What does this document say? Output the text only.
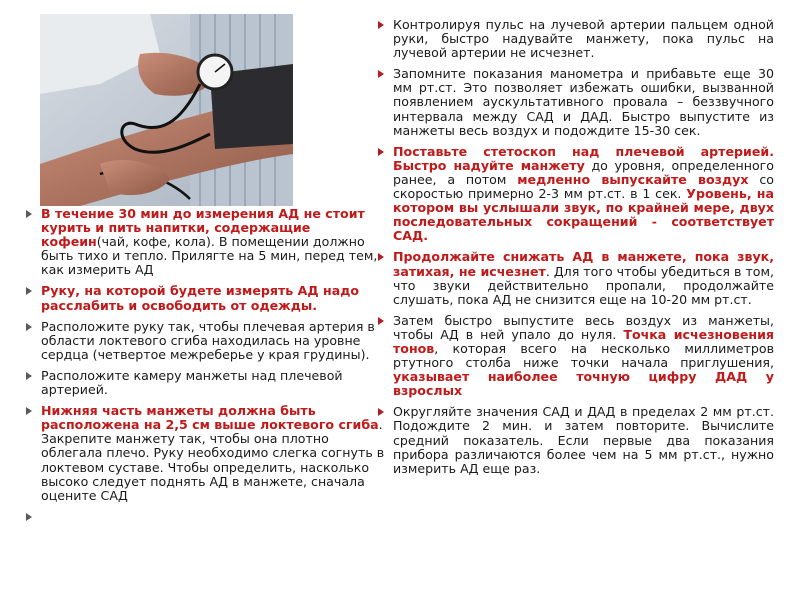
В течение 30 мин до измерения АД не стоит курить и пить напитки, содержащие кофеин(чай, кофе, кола). В помещении должно быть тихо и тепло. Прилягте на 5 мин, перед тем, как измерить АД
Руку, на которой будете измерять АД надо расслабить и освободить от одежды.
Расположите руку так, чтобы плечевая артерия в области локтевого сгиба находилась на уровне сердца (четвертое межреберье у края грудины).
Расположите камеру манжеты над плечевой артерией.
Нижняя часть манжеты должна быть расположена на 2,5 см выше локтевого сгиба. Закрепите манжету так, чтобы она плотно облегала плечо. Руку необходимо слегка согнуть в локтевом суставе. Чтобы определить, насколько высоко следует поднять АД в манжете, сначала оцените САД

Контролируя пульс на лучевой артерии пальцем одной руки, быстро надувайте манжету, пока пульс на лучевой артерии не исчезнет.
Запомните показания манометра и прибавьте еще 30 мм рт.ст. Это позволяет избежать ошибки, вызванной появлением аускультативного провала – беззвучного интервала между САД и ДАД. Быстро выпустите из манжеты весь воздух и подождите 15-30 сек.
Поставьте стетоскоп над плечевой артерией. Быстро надуйте манжету до уровня, определенного ранее, а потом медленно выпускайте воздух со скоростью примерно 2-3 мм рт.ст. в 1 сек. Уровень, на котором вы услышали звук, по крайней мере, двух последовательных сокращений - соответствует САД.
Продолжайте снижать АД в манжете, пока звук, затихая, не исчезнет. Для того чтобы убедиться в том, что звуки действительно пропали, продолжайте слушать, пока АД не снизится еще на 10-20 мм рт.ст.
Затем быстро выпустите весь воздух из манжеты, чтобы АД в ней упало до нуля. Точка исчезновения тонов, которая всего на несколько миллиметров ртутного столба ниже точки начала приглушения, указывает наиболее точную цифру ДАД у взрослых
Округляйте значения САД и ДАД в пределах 2 мм рт.ст. Подождите 2 мин. и затем повторите. Вычислите средний показатель. Если первые два показания прибора различаются более чем на 5 мм рт.ст., нужно измерить АД еще раз.
